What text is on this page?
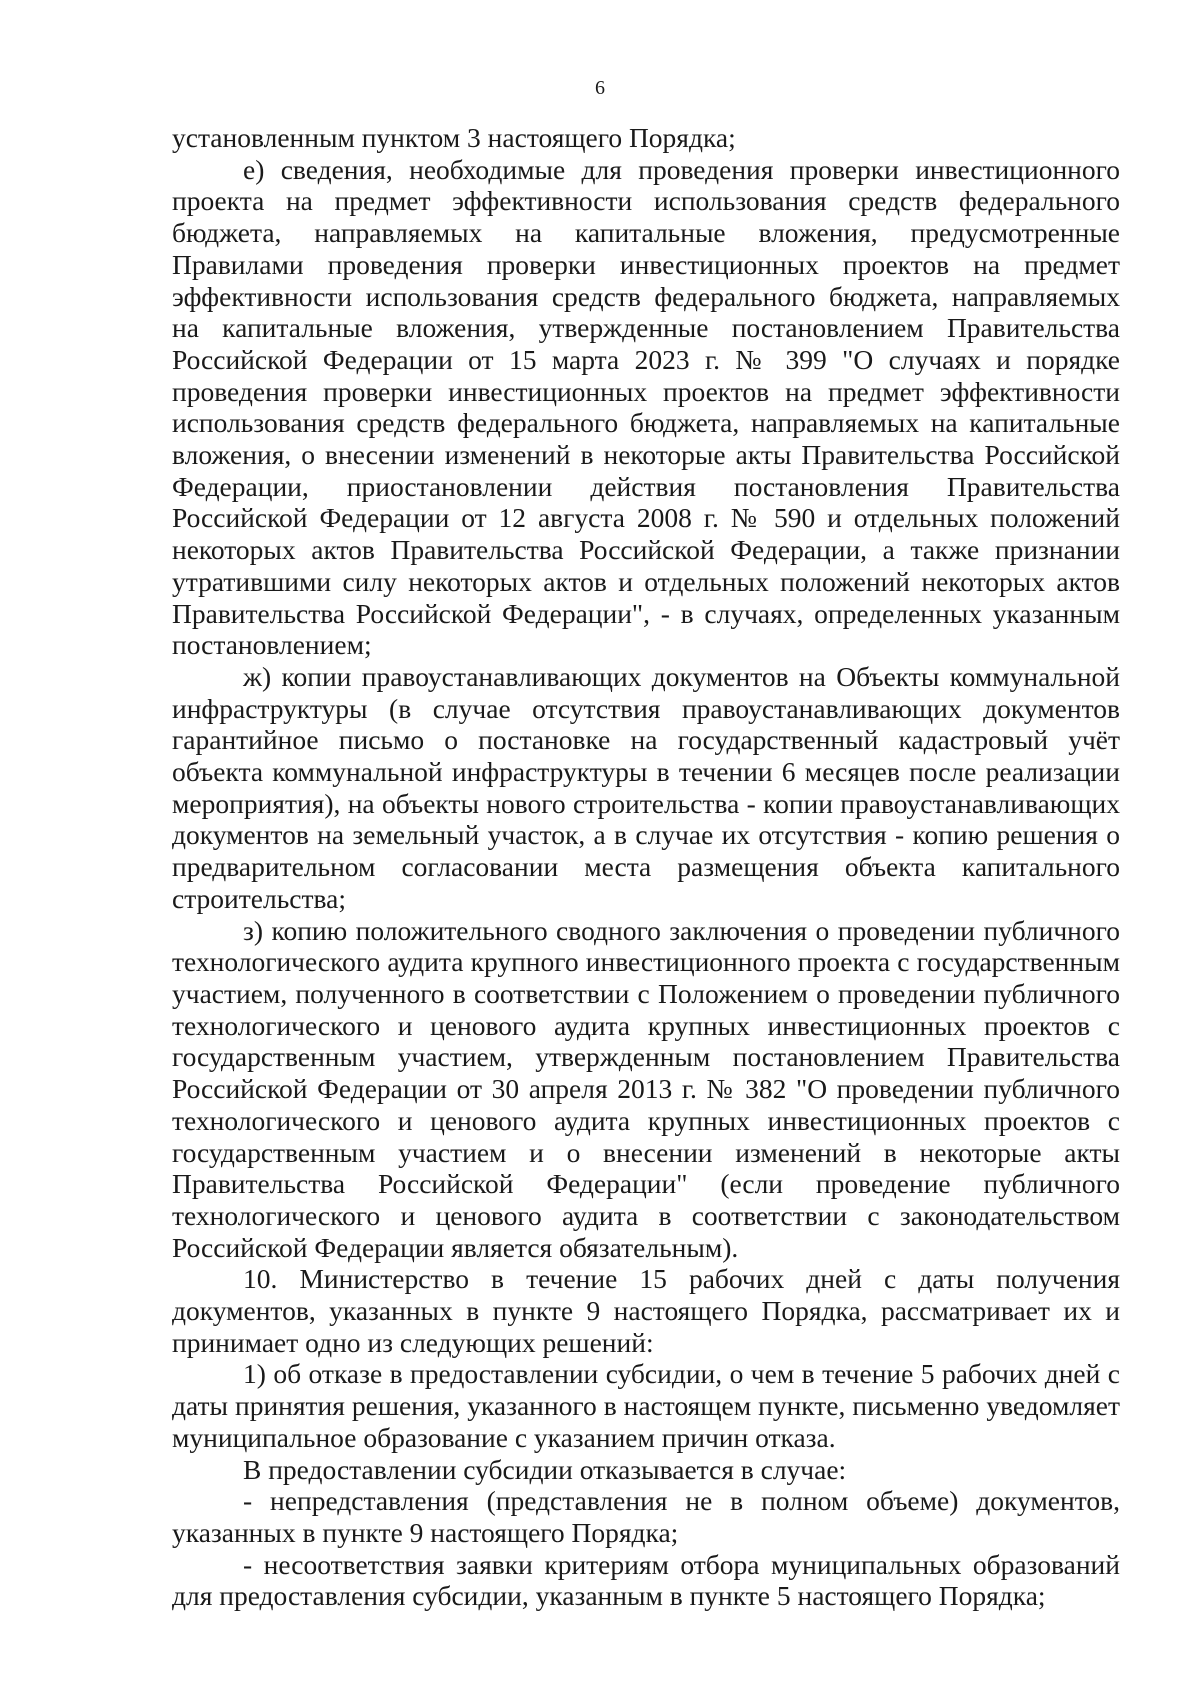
6

установленным пунктом 3 настоящего Порядка;

е) сведения, необходимые для проведения проверки инвестиционного проекта на предмет эффективности использования средств федерального бюджета, направляемых на капитальные вложения, предусмотренные Правилами проведения проверки инвестиционных проектов на предмет эффективности использования средств федерального бюджета, направляемых на капитальные вложения, утвержденные постановлением Правительства Российской Федерации от 15 марта 2023 г. № 399 "О случаях и порядке проведения проверки инвестиционных проектов на предмет эффективности использования средств федерального бюджета, направляемых на капитальные вложения, о внесении изменений в некоторые акты Правительства Российской Федерации, приостановлении действия постановления Правительства Российской Федерации от 12 августа 2008 г. № 590 и отдельных положений некоторых актов Правительства Российской Федерации, а также признании утратившими силу некоторых актов и отдельных положений некоторых актов Правительства Российской Федерации", - в случаях, определенных указанным постановлением;

ж) копии правоустанавливающих документов на Объекты коммунальной инфраструктуры (в случае отсутствия правоустанавливающих документов гарантийное письмо о постановке на государственный кадастровый учёт объекта коммунальной инфраструктуры в течении 6 месяцев после реализации мероприятия), на объекты нового строительства - копии правоустанавливающих документов на земельный участок, а в случае их отсутствия - копию решения о предварительном согласовании места размещения объекта капитального строительства;

з) копию положительного сводного заключения о проведении публичного технологического аудита крупного инвестиционного проекта с государственным участием, полученного в соответствии с Положением о проведении публичного технологического и ценового аудита крупных инвестиционных проектов с государственным участием, утвержденным постановлением Правительства Российской Федерации от 30 апреля 2013 г. № 382 "О проведении публичного технологического и ценового аудита крупных инвестиционных проектов с государственным участием и о внесении изменений в некоторые акты Правительства Российской Федерации" (если проведение публичного технологического и ценового аудита в соответствии с законодательством Российской Федерации является обязательным).

10. Министерство в течение 15 рабочих дней с даты получения документов, указанных в пункте 9 настоящего Порядка, рассматривает их и принимает одно из следующих решений:

1) об отказе в предоставлении субсидии, о чем в течение 5 рабочих дней с даты принятия решения, указанного в настоящем пункте, письменно уведомляет муниципальное образование с указанием причин отказа.

В предоставлении субсидии отказывается в случае:

- непредставления (представления не в полном объеме) документов, указанных в пункте 9 настоящего Порядка;

- несоответствия заявки критериям отбора муниципальных образований для предоставления субсидии, указанным в пункте 5 настоящего Порядка;
